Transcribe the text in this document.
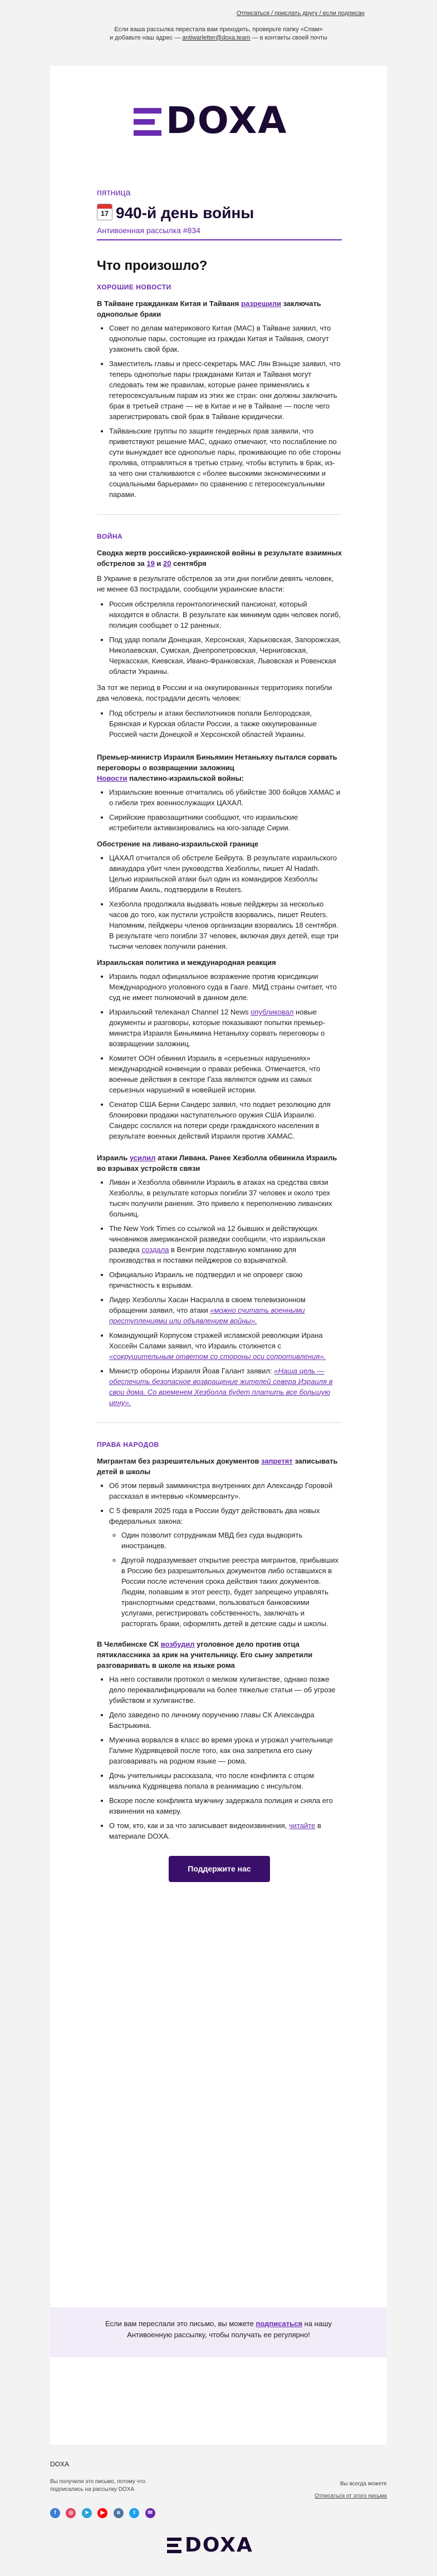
Отписаться / прислать другу / если подписан
Если ваша рассылка перестала вам приходить, проверьте папку «Спам»
и добавьте наш адрес — antiwarletter@doxa.team — в контакты своей почты
DOXA
пятница
17 940-й день войны
Антивоенная рассылка #834
Что произошло?
ХОРОШИЕ НОВОСТИ
В Тайване гражданкам Китая и Тайваня разрешили заключать однополые браки
• Совет по делам материкового Китая (MAC) в Тайване заявил, что однополые пары, состоящие из граждан Китая и Тайваня, смогут узаконить свой брак.
• Заместитель главы и пресс-секретарь MAC Лян Вэньцзе заявил, что теперь однополые пары гражданами Китая и Тайваня могут следовать тем же правилам, которые ранее применялись к гетеросексуальным парам из этих же стран: они должны заключить брак в третьей стране — не в Китае и не в Тайване — после чего зарегистрировать свой брак в Тайване юридически.
• Тайваньские группы по защите гендерных прав заявили, что приветствуют решение MAC, однако отмечают, что послабление по сути вынуждает все однополые пары, проживающие по обе стороны пролива, отправляться в третью страну, чтобы вступить в брак, из-за чего они сталкиваются с «более высокими экономическими и социальными барьерами» по сравнению с гетеросексуальными парами.
ВОЙНА
Сводка жертв российско-украинской войны в результате взаимных обстрелов за 19 и 20 сентября
В Украине в результате обстрелов за эти дни погибли девять человек, не менее 63 пострадали, сообщили украинские власти:
• Россия обстреляла геронтологический пансионат, который находится в области. В результате как минимум один человек погиб, полиция сообщает о 12 раненых.
• Под удар попали Донецкая, Херсонская, Харьковская, Запорожская, Николаевская, Сумская, Днепропетровская, Черниговская, Черкасская, Киевская, Ивано-Франковская, Львовская и Ровенская области Украины.
За тот же период в России и на оккупированных территориях погибли два человека, пострадали десять человек:
• Под обстрелы и атаки беспилотников попали Белгородская, Брянская и Курская области России, а также оккупированные Россией части Донецкой и Херсонской областей Украины.
Премьер-министр Израиля Биньямин Нетаньяху пытался сорвать переговоры о возвращении заложниц
Новости палестино-израильской войны:
• Израильские военные отчитались об убийстве 300 бойцов ХАМАС и о гибели трех военнослужащих ЦАХАЛ.
• Сирийские правозащитники сообщают, что израильские истребители активизировались на юго-западе Сирии.
Обострение на ливано-израильской границе
• ЦАХАЛ отчитался об обстреле Бейрута. В результате израильского авиаудара убит член руководства Хезболлы, пишет Al Hadath. Целью израильской атаки был один из командиров Хезболлы Ибрагим Акиль, подтвердили в Reuters.
• Хезболла продолжала выдавать новые пейджеры за несколько часов до того, как пустили устройств взорвались, пишет Reuters. Напомним, пейджеры членов организации взорвались 18 сентября. В результате чего погибли 37 человек, включая двух детей, еще три тысячи человек получили ранения.
Израильская политика и международная реакция
• Израиль подал официальное возражение против юрисдикции Международного уголовного суда в Гааге. МИД страны считает, что суд не имеет полномочий в данном деле.
• Израильский телеканал Channel 12 News опубликовал новые документы и разговоры, которые показывают попытки премьер-министра Израиля Биньямина Нетаньяху сорвать переговоры о возвращении заложниц.
• Комитет ООН обвинил Израиль в «серьезных нарушениях» международной конвенции о правах ребенка. Отмечается, что военные действия в секторе Газа являются одним из самых серьезных нарушений в новейшей истории.
• Сенатор США Берни Сандерс заявил, что подает резолюцию для блокировки продажи наступательного оружия США Израилю. Сандерс сослался на потери среди гражданского населения в результате военных действий Израиля против ХАМАС.
Израиль усилил атаки Ливана. Ранее Хезболла обвинила Израиль во взрывах устройств связи
• Ливан и Хезболла обвинили Израиль в атаках на средства связи Хезболлы, в результате которых погибли 37 человек и около трех тысяч получили ранения. Это привело к переполнению ливанских больниц.
• The New York Times со ссылкой на 12 бывших и действующих чиновников американской разведки сообщили, что израильская разведка создала в Венгрии подставную компанию для производства и поставки пейджеров со взрывчаткой.
• Официально Израиль не подтвердил и не опроверг свою причастность к взрывам.
• Лидер Хезболлы Хасан Насралла в своем телевизионном обращении заявил, что атаки «можно считать военными преступлениями или объявлением войны».
• Командующий Корпусом стражей исламской революции Ирана Хоссейн Салами заявил, что Израиль столкнется с «сокрушительным ответом со стороны оси сопротивления».
• Министр обороны Израиля Йоав Галант заявил: «Наша цель — обеспечить безопасное возвращение жителей севера Израиля в свои дома. Со временем Хезболла будет платить все большую цену».
ПРАВА НАРОДОВ
Мигрантам без разрешительных документов запретят записывать детей в школы
• Об этом первый замминистра внутренних дел Александр Горовой рассказал в интервью «Коммерсанту».
• С 5 февраля 2025 года в России будут действовать два новых федеральных закона:
◦ Один позволит сотрудникам МВД без суда выдворять иностранцев.
◦ Другой подразумевает открытие реестра мигрантов, прибывших в Россию без разрешительных документов либо оставшихся в России после истечения срока действия таких документов. Людям, попавшим в этот реестр, будет запрещено управлять транспортными средствами, пользоваться банковскими услугами, регистрировать собственность, заключать и расторгать браки, оформлять детей в детские сады и школы.
В Челябинске СК возбудил уголовное дело против отца пятиклассника за крик на учительницу. Его сыну запретили разговаривать в школе на языке рома
• На него составили протокол о мелком хулиганстве, однако позже дело переквалифицировали на более тяжелые статьи — об угрозе убийством и хулиганстве.
• Дело заведено по личному поручению главы СК Александра Бастрыкина.
• Мужчина ворвался в класс во время урока и угрожал учительнице Галине Кудрявцевой после того, как она запретила его сыну разговаривать на родном языке — рома.
• Дочь учительницы рассказала, что после конфликта с отцом мальчика Кудрявцева попала в реанимацию с инсультом.
• Вскоре после конфликта мужчину задержала полиция и сняла его извинения на камеру.
• О том, кто, как и за что записывает видеоизвинения, читайте в материале DOXA.
Поддержите нас
Если вам переслали это письмо, вы можете подписаться на нашу Антивоенную рассылку, чтобы получать ее регулярно!
DOXA
Вы получили это письмо, потому что подписались на рассылку DOXA
Вы всегда можете
Отписаться от этого письма
f ◎ ➤ ▶ в t ✉
DOXA
